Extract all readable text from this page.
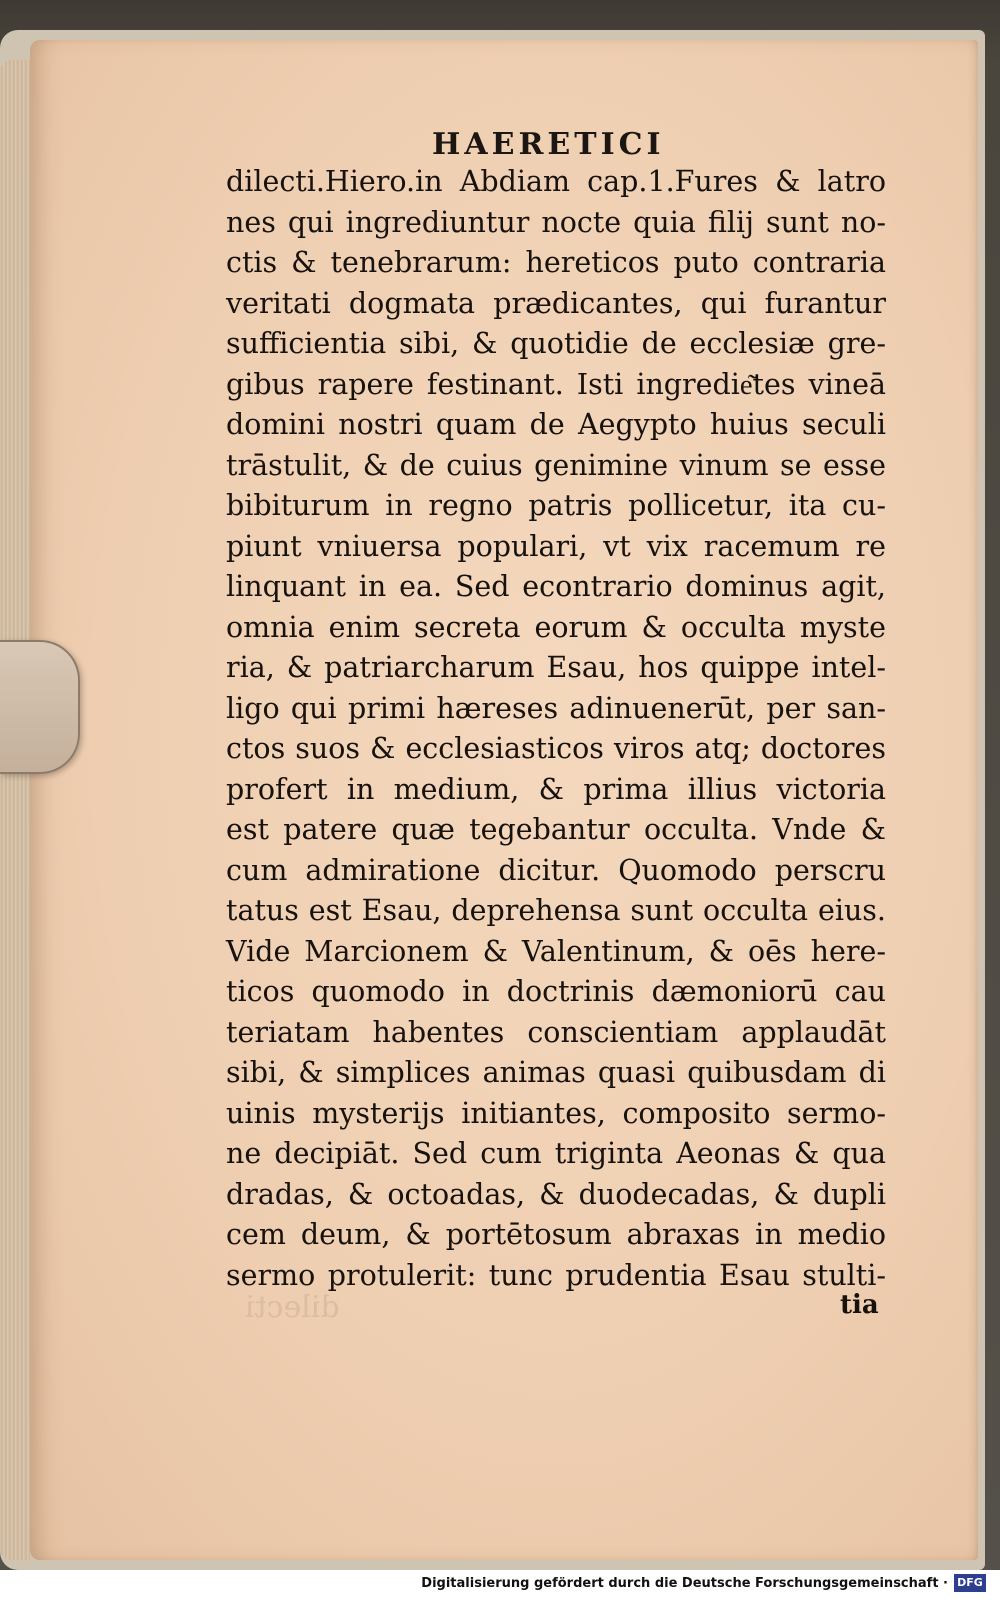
HAERETICI
dilecti.Hiero.in Abdiam cap.1.Fures & latro
nes qui ingrediuntur nocte quia filij sunt no-
ctis & tenebrarum: hereticos puto contraria
veritati dogmata prædicantes, qui furantur
sufficientia sibi, & quotidie de ecclesiæ gre-
gibus rapere festinant. Isti ingredie͂tes vineā
domini nostri quam de Aegypto huius seculi
trāstulit, & de cuius genimine vinum se esse
bibiturum in regno patris pollicetur, ita cu-
piunt vniuersa populari, vt vix racemum re
linquant in ea. Sed econtrario dominus agit,
omnia enim secreta eorum & occulta myste
ria, & patriarcharum Esau, hos quippe intel-
ligo qui primi hæreses adinuenerūt, per san-
ctos suos & ecclesiasticos viros atq; doctores
profert in medium, & prima illius victoria
est patere quæ tegebantur occulta. Vnde &
cum admiratione dicitur. Quomodo perscru
tatus est Esau, deprehensa sunt occulta eius.
Vide Marcionem & Valentinum, & oēs here-
ticos quomodo in doctrinis dæmoniorū cau
teriatam habentes conscientiam applaudāt
sibi, & simplices animas quasi quibusdam di
uinis mysterijs initiantes, composito sermo-
ne decipiāt. Sed cum triginta Aeonas & qua
dradas, & octoadas, & duodecadas, & dupli
cem deum, & portētosum abraxas in medio
sermo protulerit: tunc prudentia Esau stulti-
dilecti	tia
Digitalisierung gefördert durch die Deutsche Forschungsgemeinschaft · DFG
